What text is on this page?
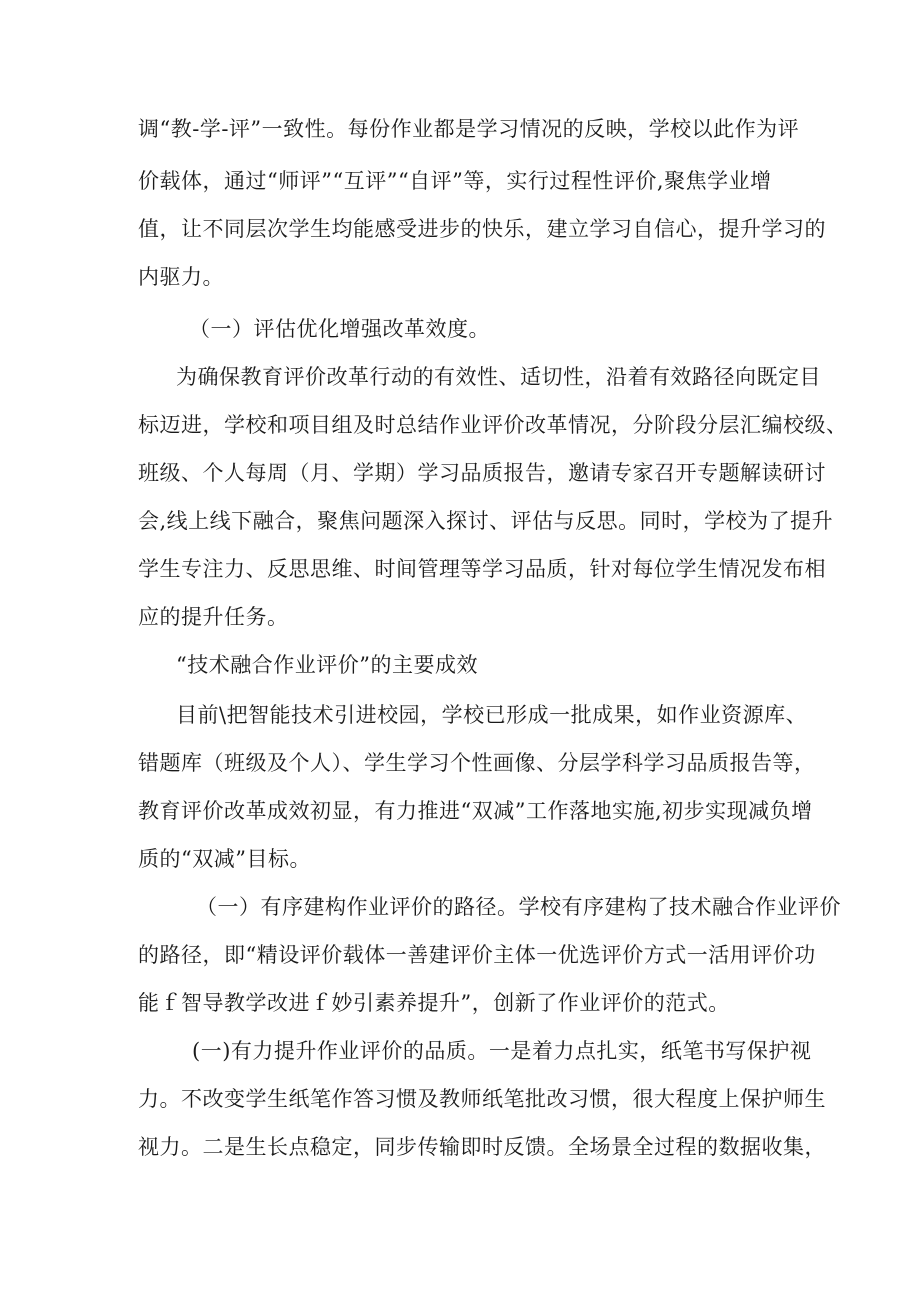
调“教-学-评”一致性。每份作业都是学习情况的反映，学校以此作为评
价载体，通过“师评”“互评”“自评”等，实行过程性评价,聚焦学业增
值，让不同层次学生均能感受进步的快乐，建立学习自信心，提升学习的
内驱力。
（一）评估优化增强改革效度。
为确保教育评价改革行动的有效性、适切性，沿着有效路径向既定目
标迈进，学校和项目组及时总结作业评价改革情况，分阶段分层汇编校级、
班级、个人每周（月、学期）学习品质报告，邀请专家召开专题解读研讨
会,线上线下融合，聚焦问题深入探讨、评估与反思。同时，学校为了提升
学生专注力、反思思维、时间管理等学习品质，针对每位学生情况发布相
应的提升任务。
“技术融合作业评价”的主要成效
目前\把智能技术引进校园，学校已形成一批成果，如作业资源库、
错题库（班级及个人）、学生学习个性画像、分层学科学习品质报告等，
教育评价改革成效初显，有力推进“双减”工作落地实施,初步实现减负增
质的“双减”目标。
（一）有序建构作业评价的路径。学校有序建构了技术融合作业评价
的路径，即“精设评价载体一善建评价主体一优选评价方式一活用评价功
能ｆ智导教学改进ｆ妙引素养提升”，创新了作业评价的范式。
(一)有力提升作业评价的品质。一是着力点扎实，纸笔书写保护视
力。不改变学生纸笔作答习惯及教师纸笔批改习惯，很大程度上保护师生
视力。二是生长点稳定，同步传输即时反馈。全场景全过程的数据收集，
